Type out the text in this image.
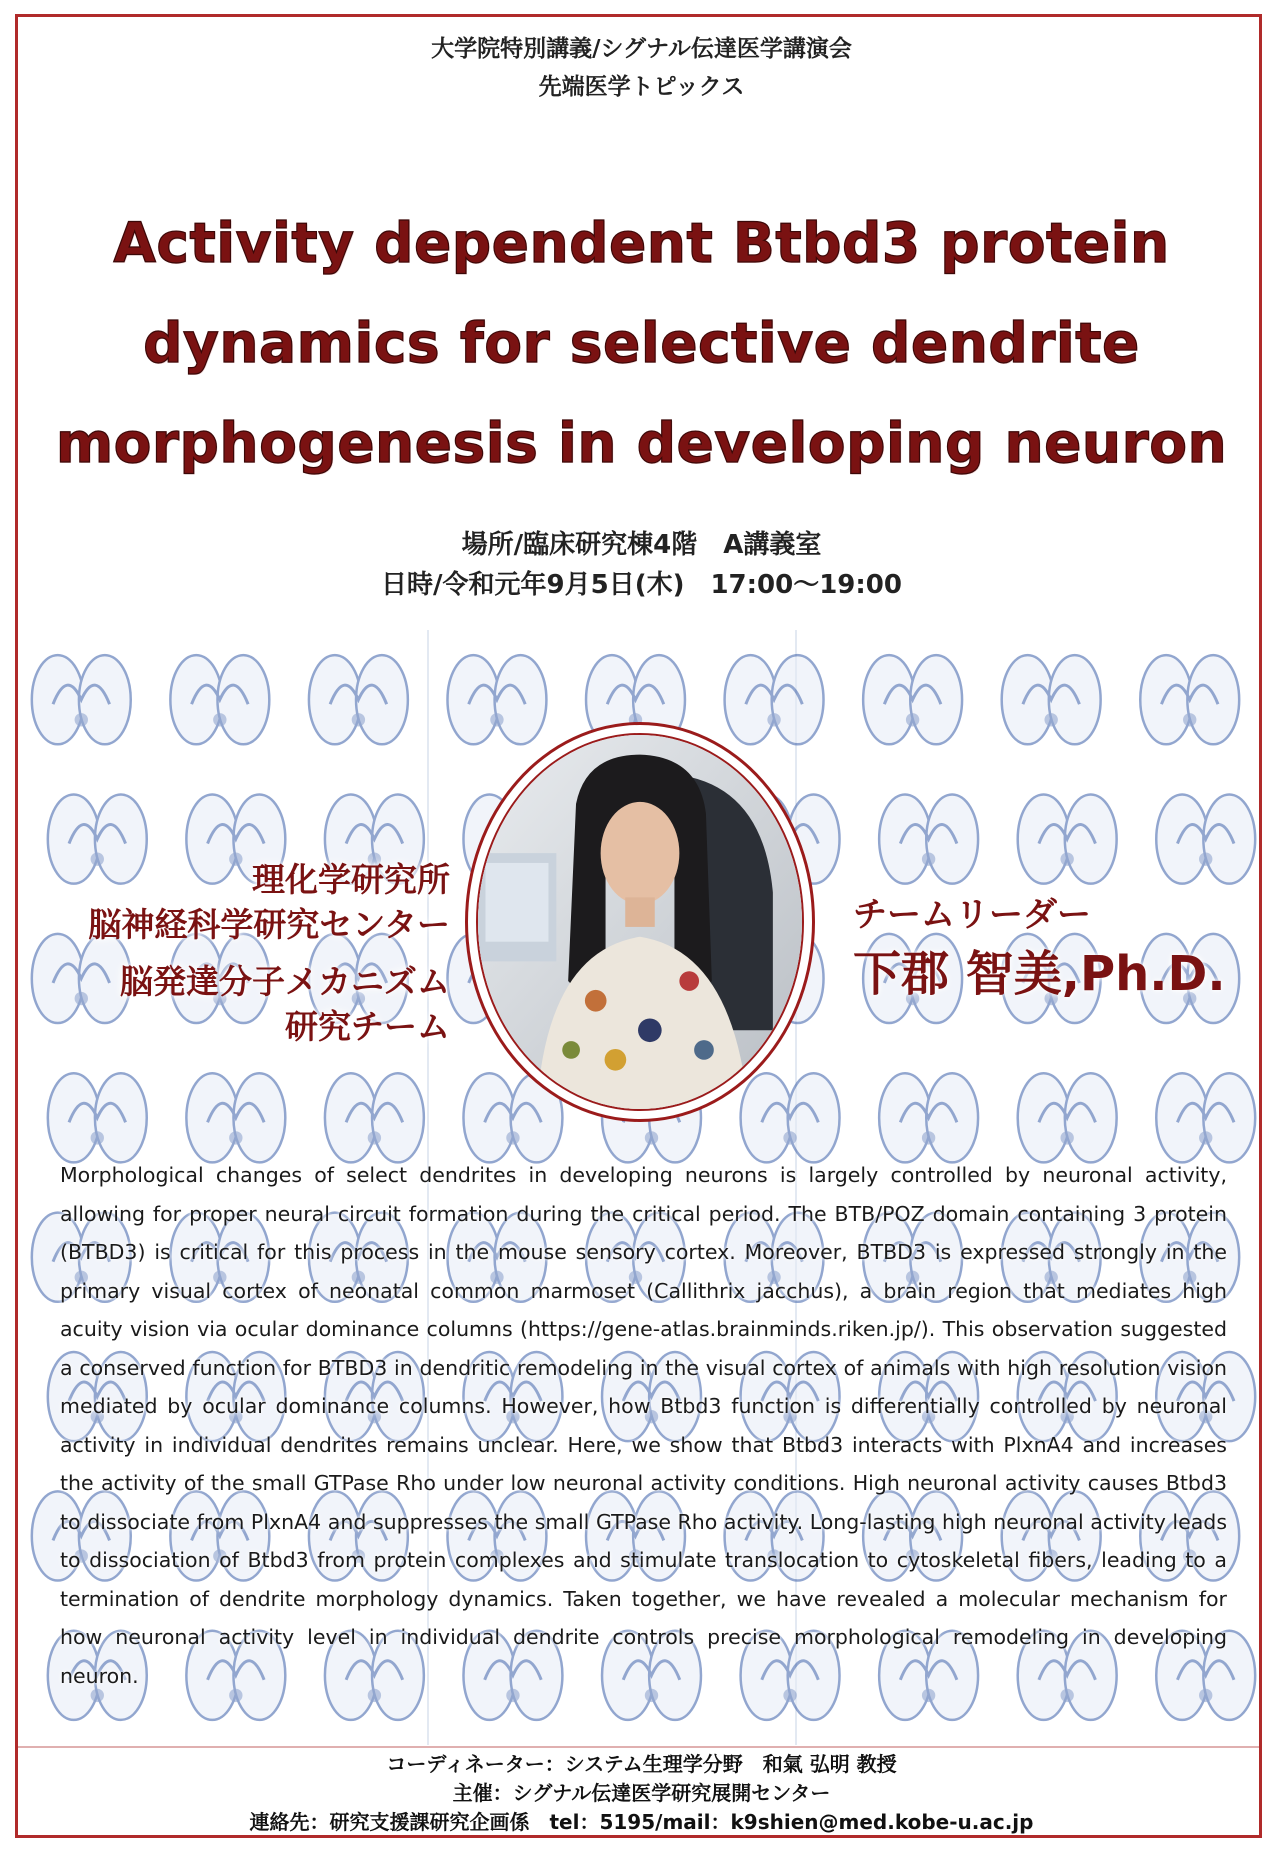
大学院特別講義/シグナル伝達医学講演会
先端医学トピックス
Activity dependent Btbd3 protein
dynamics for selective dendrite
morphogenesis in developing neuron
場所/臨床研究棟4階　A講義室
日時/令和元年9月5日(木)　17:00～19:00
理化学研究所
脳神経科学研究センター
脳発達分子メカニズム
研究チーム
チームリーダー
下郡 智美,Ph.D.
Morphological changes of select dendrites in developing neurons is largely controlled by neuronal activity, allowing for proper neural circuit formation during the critical period. The BTB/POZ domain containing 3 protein (BTBD3) is critical for this process in the mouse sensory cortex. Moreover, BTBD3 is expressed strongly in the primary visual cortex of neonatal common marmoset (Callithrix jacchus), a brain region that mediates high acuity vision via ocular dominance columns (https://gene-atlas.brainminds.riken.jp/). This observation suggested a conserved function for BTBD3 in dendritic remodeling in the visual cortex of animals with high resolution vision mediated by ocular dominance columns. However, how Btbd3 function is differentially controlled by neuronal activity in individual dendrites remains unclear. Here, we show that Btbd3 interacts with PlxnA4 and increases the activity of the small GTPase Rho under low neuronal activity conditions. High neuronal activity causes Btbd3 to dissociate from PlxnA4 and suppresses the small GTPase Rho activity. Long-lasting high neuronal activity leads to dissociation of Btbd3 from protein complexes and stimulate translocation to cytoskeletal fibers, leading to a termination of dendrite morphology dynamics. Taken together, we have revealed a molecular mechanism for how neuronal activity level in individual dendrite controls precise morphological remodeling in developing neuron.
コーディネーター：システム生理学分野　和氣 弘明 教授
主催：シグナル伝達医学研究展開センター
連絡先：研究支援課研究企画係　tel：5195/mail：k9shien@med.kobe-u.ac.jp
